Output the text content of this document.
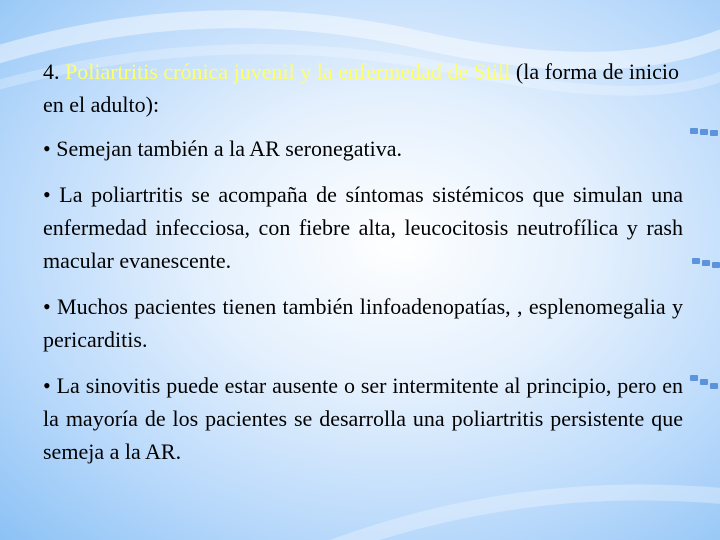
4. Poliartritis crónica juvenil y la enfermedad de Still (la forma de inicio en el adulto):

• Semejan también a la AR seronegativa.

• La poliartritis se acompaña de síntomas sistémicos que simulan una enfermedad infecciosa, con fiebre alta, leucocitosis neutrofílica y rash macular evanescente.

• Muchos pacientes tienen también linfoadenopatías, , esplenomegalia y pericarditis.

• La sinovitis puede estar ausente o ser intermitente al principio, pero en la mayoría de los pacientes se desarrolla una poliartritis persistente que semeja a la AR.
